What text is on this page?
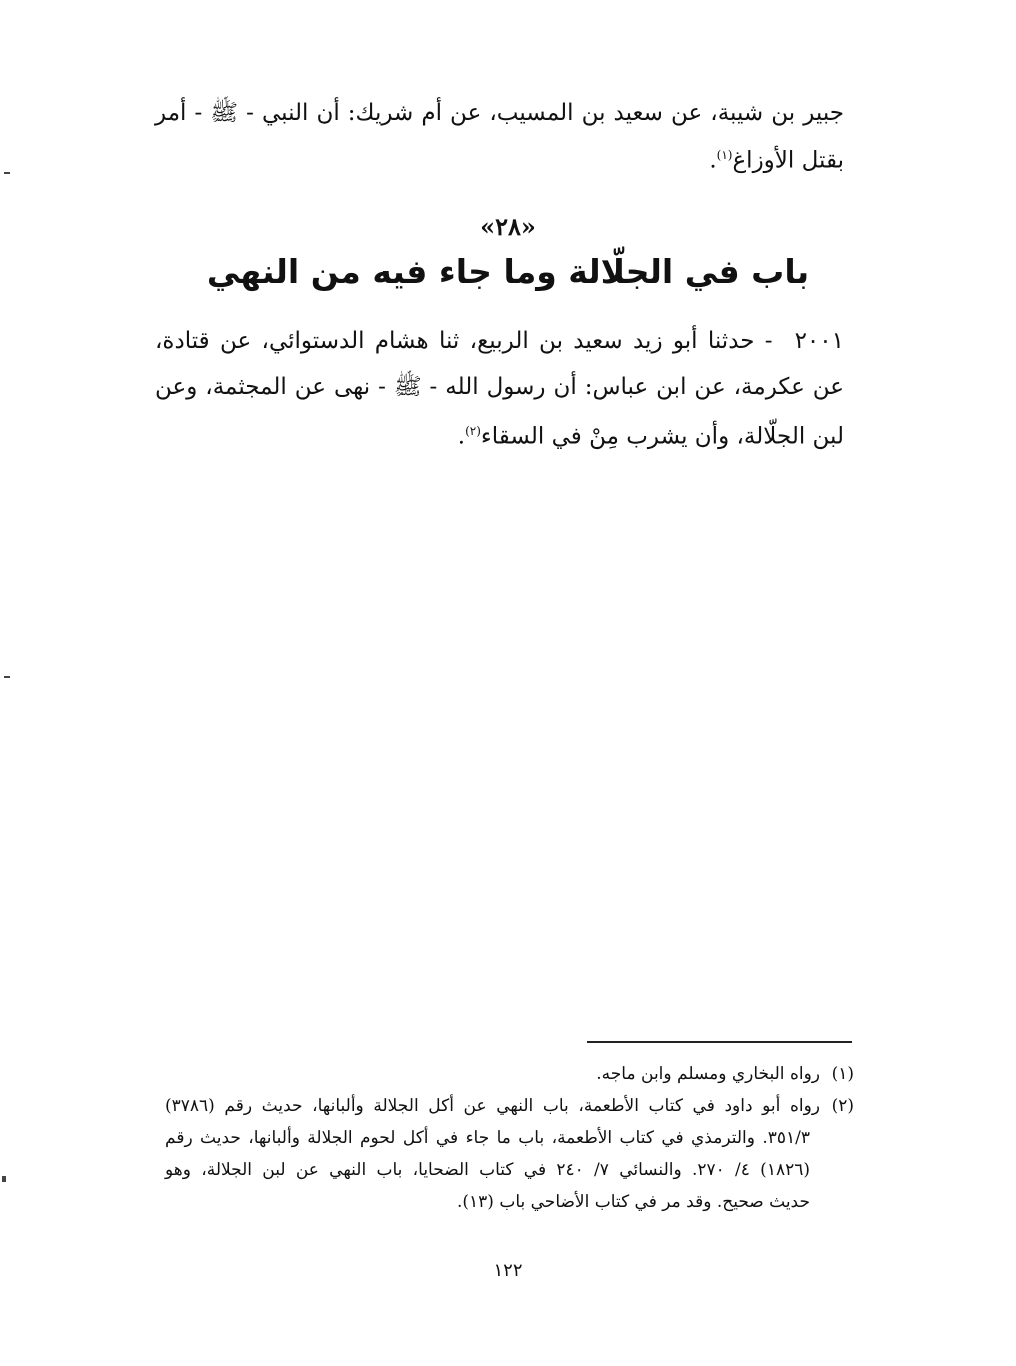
جبير بن شيبة، عن سعيد بن المسيب، عن أم شريك: أن النبي - ﷺ - أمر
بقتل الأوزاغ$^{(١)}$.
«٢٨»
باب في الجلّالة وما جاء فيه من النهي
٢٠٠١- حدثنا أبو زيد سعيد بن الربيع، ثنا هشام الدستوائي، عن قتادة،
عن عكرمة، عن ابن عباس: أن رسول الله - ﷺ - نهى عن المجثمة، وعن
لبن الجلّالة، وأن يشرب مِنْ في السقاء$^{(٢)}$.
(١)رواه البخاري ومسلم وابن ماجه.
(٢)رواه أبو داود في كتاب الأطعمة، باب النهي عن أكل الجلالة وألبانها، حديث رقم (٣٧٨٦)
٣٥١/٣. والترمذي في كتاب الأطعمة، باب ما جاء في أكل لحوم الجلالة وألبانها، حديث رقم
(١٨٢٦) ٤/ ٢٧٠. والنسائي ٧/ ٢٤٠ في كتاب الضحايا، باب النهي عن لبن الجلالة، وهو
حديث صحيح. وقد مر في كتاب الأضاحي باب (١٣).
١٢٢
